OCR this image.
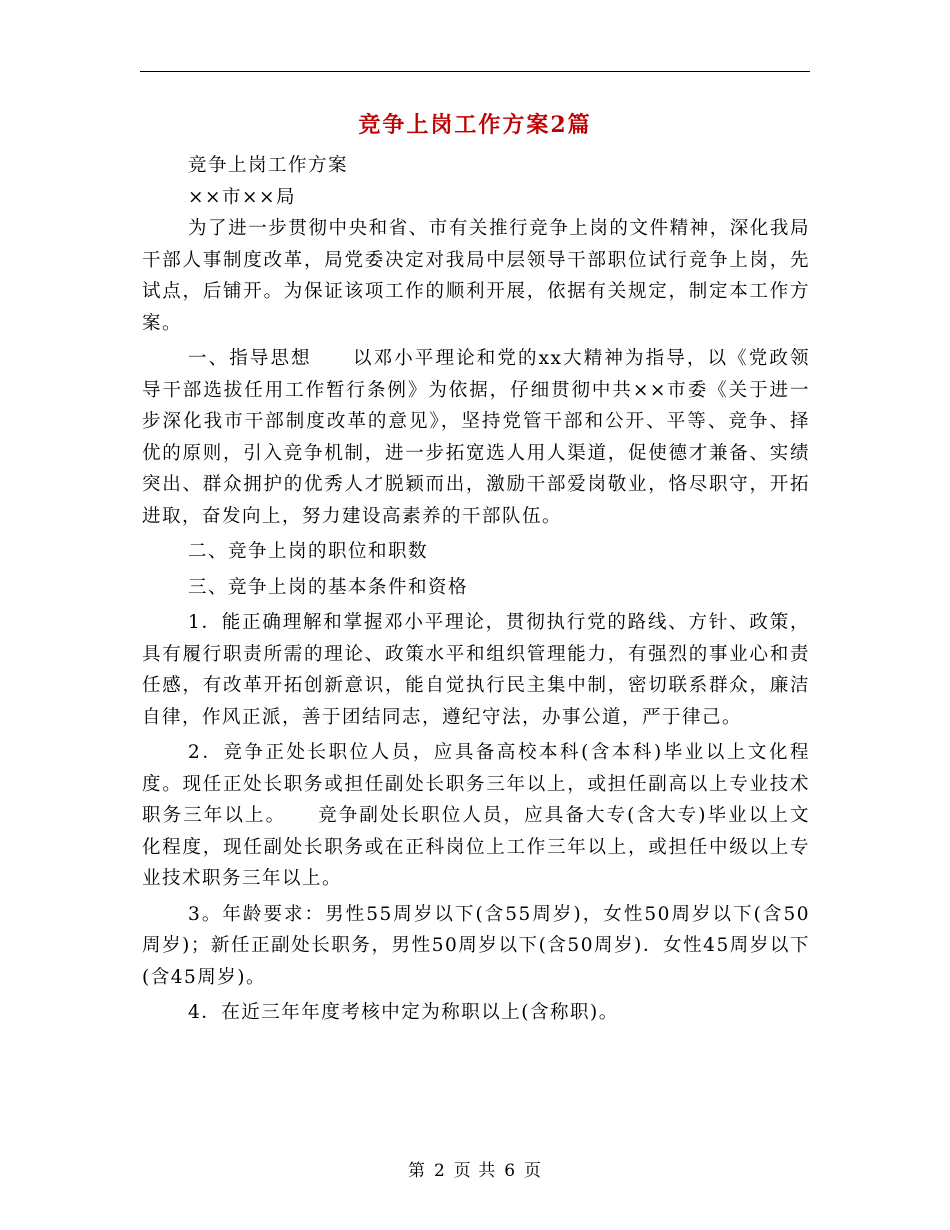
竞争上岗工作方案2篇

竞争上岗工作方案

××市××局

为了进一步贯彻中央和省、市有关推行竞争上岗的文件精神，深化我局干部人事制度改革，局党委决定对我局中层领导干部职位试行竞争上岗，先试点，后铺开。为保证该项工作的顺利开展，依据有关规定，制定本工作方案。

一、指导思想　　以邓小平理论和党的xx大精神为指导，以《党政领导干部选拔任用工作暂行条例》为依据，仔细贯彻中共××市委《关于进一步深化我市干部制度改革的意见》，坚持党管干部和公开、平等、竞争、择优的原则，引入竞争机制，进一步拓宽选人用人渠道，促使德才兼备、实绩突出、群众拥护的优秀人才脱颖而出，激励干部爱岗敬业，恪尽职守，开拓进取，奋发向上，努力建设高素养的干部队伍。

二、竞争上岗的职位和职数

三、竞争上岗的基本条件和资格

1．能正确理解和掌握邓小平理论，贯彻执行党的路线、方针、政策，具有履行职责所需的理论、政策水平和组织管理能力，有强烈的事业心和责任感，有改革开拓创新意识，能自觉执行民主集中制，密切联系群众，廉洁自律，作风正派，善于团结同志，遵纪守法，办事公道，严于律己。

2．竞争正处长职位人员，应具备高校本科(含本科)毕业以上文化程度。现任正处长职务或担任副处长职务三年以上，或担任副高以上专业技术职务三年以上。　　竞争副处长职位人员，应具备大专(含大专)毕业以上文化程度，现任副处长职务或在正科岗位上工作三年以上，或担任中级以上专业技术职务三年以上。

3。年龄要求：男性55周岁以下(含55周岁)，女性50周岁以下(含50周岁)；新任正副处长职务，男性50周岁以下(含50周岁)．女性45周岁以下(含45周岁)。

4．在近三年年度考核中定为称职以上(含称职)。

第 2 页 共 6 页
